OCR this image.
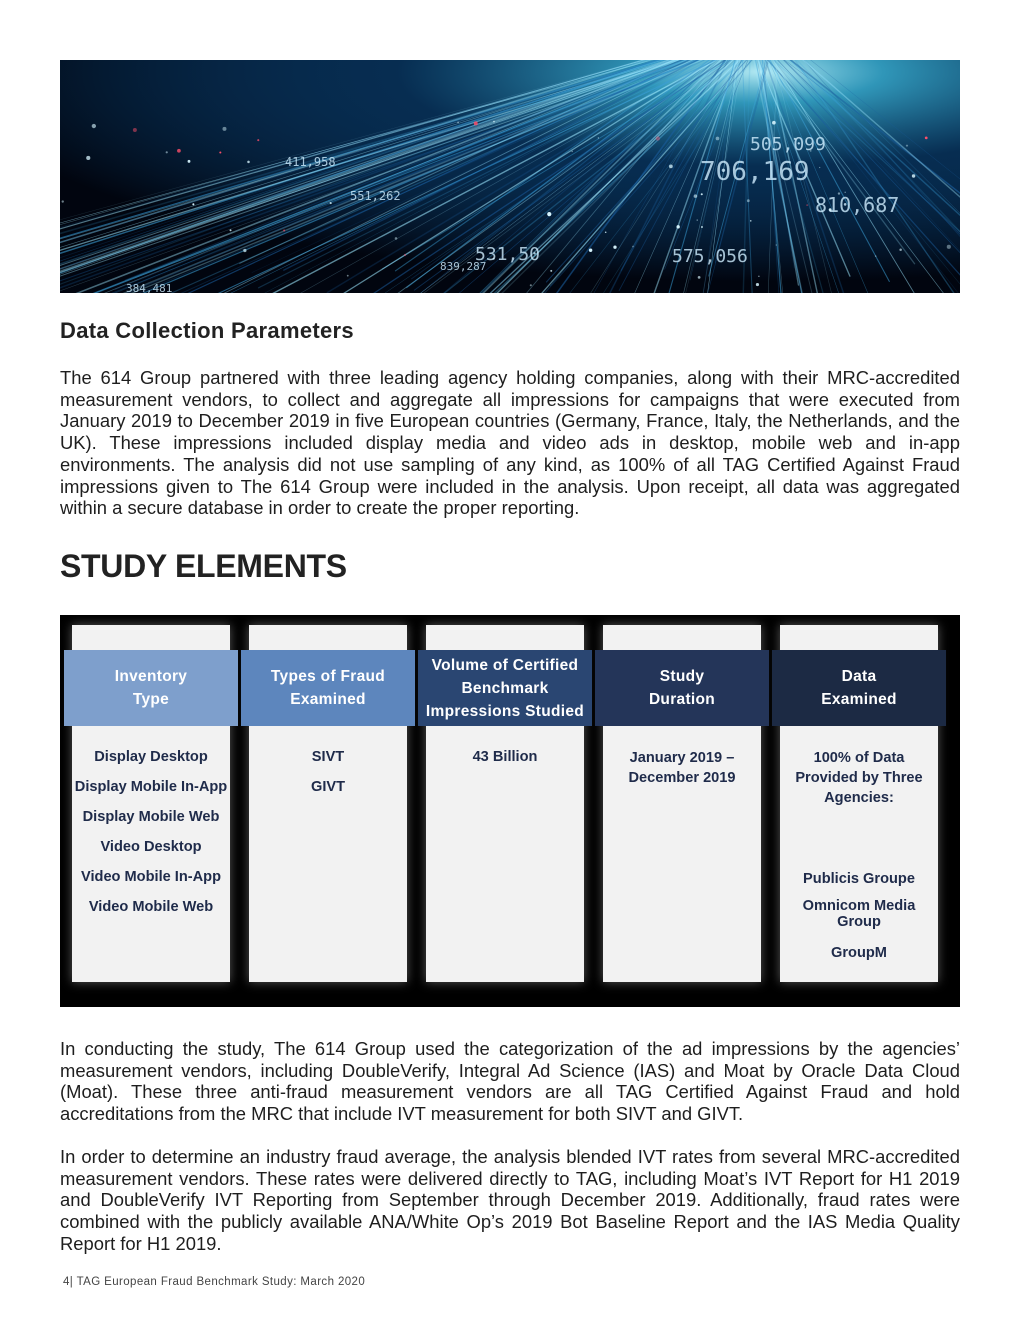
706,169
810,687
575,056
551,262
411,958
384,481
839,287
531,50
505,099
Data Collection Parameters

The 614 Group partnered with three leading agency holding companies, along with their MRC-accredited measurement vendors, to collect and aggregate all impressions for campaigns that were executed from January 2019 to December 2019 in five European countries (Germany, France, Italy, the Netherlands, and the UK). These impressions included display media and video ads in desktop, mobile web and in-app environments. The analysis did not use sampling of any kind, as 100% of all TAG Certified Against Fraud impressions given to The 614 Group were included in the analysis. Upon receipt, all data was aggregated within a secure database in order to create the proper reporting.

STUDY ELEMENTS
Inventory
Type
Types of Fraud
Examined
Volume of Certified
Benchmark
Impressions Studied
Study
Duration
Data
Examined
Display Desktop
Display Mobile In-App
Display Mobile Web
Video Desktop
Video Mobile In-App
Video Mobile Web
SIVT
GIVT
43 Billion	January 2019 – December 2019
100% of Data Provided by Three Agencies:
Publicis Groupe
Omnicom Media Group
GroupM

In conducting the study, The 614 Group used the categorization of the ad impressions by the agencies’ measurement vendors, including DoubleVerify, Integral Ad Science (IAS) and Moat by Oracle Data Cloud (Moat). These three anti-fraud measurement vendors are all TAG Certified Against Fraud and hold accreditations from the MRC that include IVT measurement for both SIVT and GIVT.

In order to determine an industry fraud average, the analysis blended IVT rates from several MRC-accredited measurement vendors. These rates were delivered directly to TAG, including Moat’s IVT Report for H1 2019 and DoubleVerify IVT Reporting from September through December 2019. Additionally, fraud rates were combined with the publicly available ANA/White Op’s 2019 Bot Baseline Report and the IAS Media Quality Report for H1 2019.

4| TAG European Fraud Benchmark Study: March 2020
